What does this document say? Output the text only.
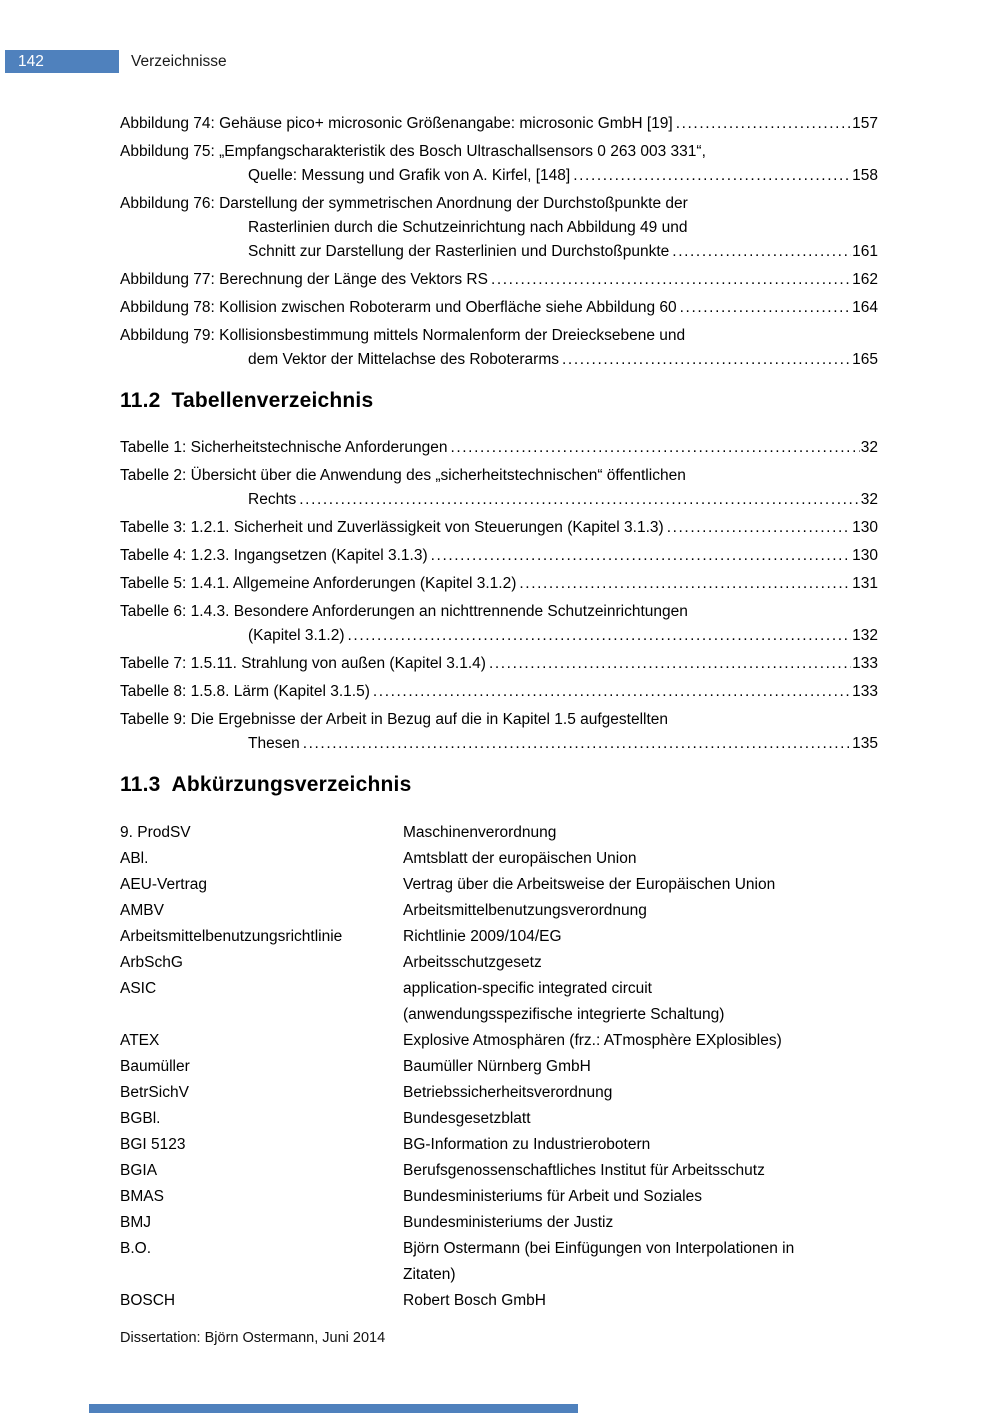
142	Verzeichnisse
Abbildung 74: Gehäuse pico+ microsonic Größenangabe: microsonic GmbH [19] .....	157
Abbildung 75: „Empfangscharakteristik des Bosch Ultraschallsensors 0 263 003 331“,
Quelle: Messung und Grafik von A. Kirfel, [148] .....	158
Abbildung 76: Darstellung der symmetrischen Anordnung der Durchstoßpunkte der
Rasterlinien durch die Schutzeinrichtung nach Abbildung 49 und
Schnitt zur Darstellung der Rasterlinien und Durchstoßpunkte .....	161
Abbildung 77: Berechnung der Länge des Vektors RS .....	162
Abbildung 78: Kollision zwischen Roboterarm und Oberfläche siehe Abbildung 60 .....	164
Abbildung 79: Kollisionsbestimmung mittels Normalenform der Dreiecksebene und
dem Vektor der Mittelachse des Roboterarms .....	165
11.2 Tabellenverzeichnis
Tabelle 1: Sicherheitstechnische Anforderungen .....	32
Tabelle 2: Übersicht über die Anwendung des „sicherheitstechnischen“ öffentlichen
Rechts .....	32
Tabelle 3: 1.2.1. Sicherheit und Zuverlässigkeit von Steuerungen (Kapitel 3.1.3) .....	130
Tabelle 4: 1.2.3. Ingangsetzen (Kapitel 3.1.3) .....	130
Tabelle 5: 1.4.1. Allgemeine Anforderungen (Kapitel 3.1.2) .....	131
Tabelle 6: 1.4.3. Besondere Anforderungen an nichttrennende Schutzeinrichtungen
(Kapitel 3.1.2) .....	132
Tabelle 7: 1.5.11. Strahlung von außen (Kapitel 3.1.4) .....	133
Tabelle 8: 1.5.8. Lärm (Kapitel 3.1.5) .....	133
Tabelle 9: Die Ergebnisse der Arbeit in Bezug auf die in Kapitel 1.5 aufgestellten
Thesen .....	135
11.3 Abkürzungsverzeichnis
9. ProdSV	Maschinenverordnung
ABl.	Amtsblatt der europäischen Union
AEU-Vertrag	Vertrag über die Arbeitsweise der Europäischen Union
AMBV	Arbeitsmittelbenutzungsverordnung
Arbeitsmittelbenutzungsrichtlinie	Richtlinie 2009/104/EG
ArbSchG	Arbeitsschutzgesetz
ASIC	application-specific integrated circuit
(anwendungsspezifische integrierte Schaltung)
ATEX	Explosive Atmosphären (frz.: ATmosphère EXplosibles)
Baumüller	Baumüller Nürnberg GmbH
BetrSichV	Betriebssicherheitsverordnung
BGBl.	Bundesgesetzblatt
BGI 5123	BG-Information zu Industrierobotern
BGIA	Berufsgenossenschaftliches Institut für Arbeitsschutz
BMAS	Bundesministeriums für Arbeit und Soziales
BMJ	Bundesministeriums der Justiz
B.O.	Björn Ostermann (bei Einfügungen von Interpolationen in
Zitaten)
BOSCH	Robert Bosch GmbH
Dissertation: Björn Ostermann, Juni 2014
